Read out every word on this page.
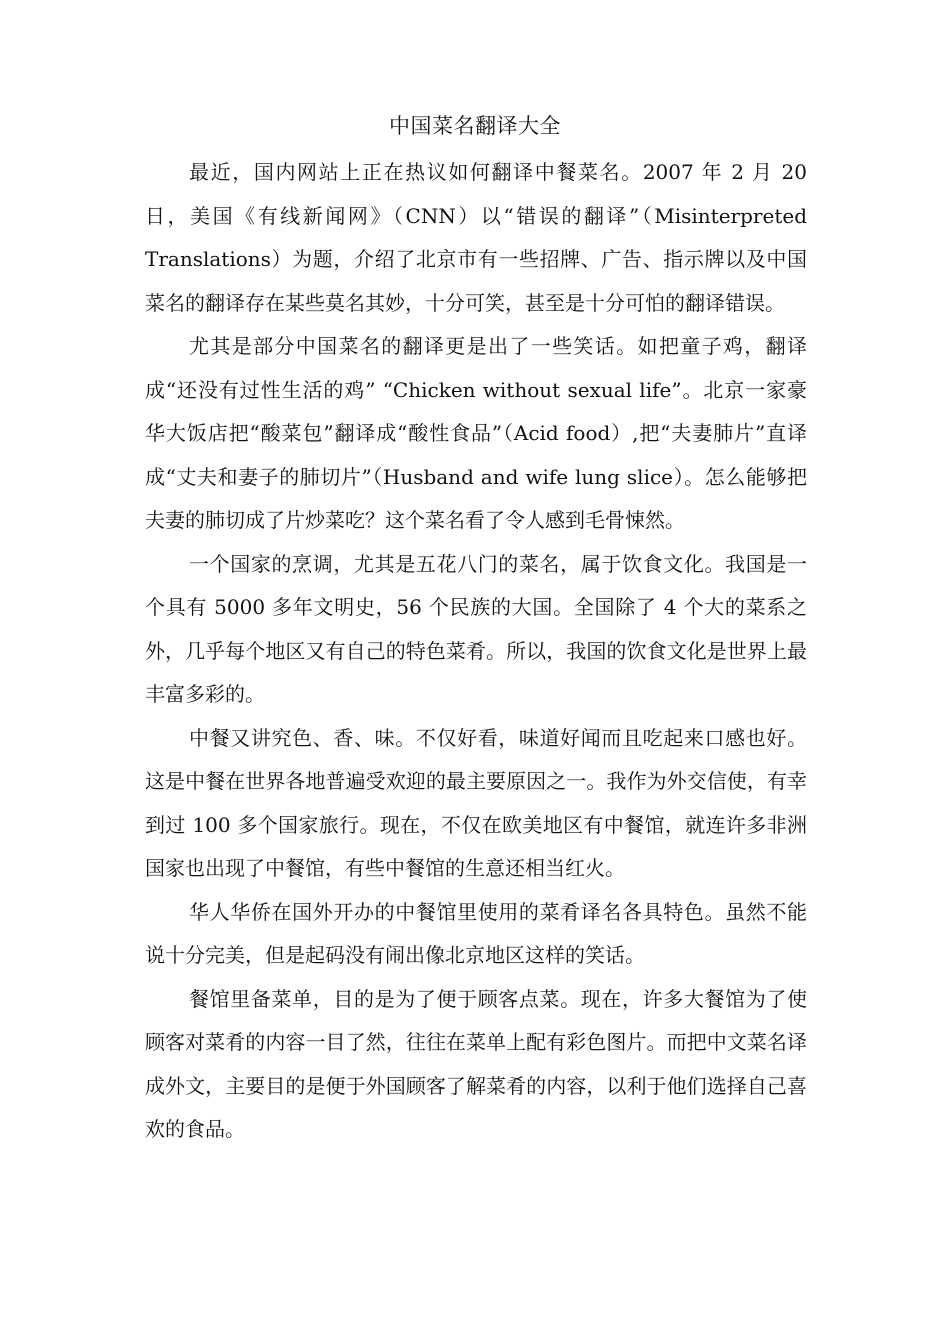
中国菜名翻译大全

最近，国内网站上正在热议如何翻译中餐菜名。2007 年 2 月 20 日，美国《有线新闻网》（CNN）以“错误的翻译”（Misinterpreted Translations）为题，介绍了北京市有一些招牌、广告、指示牌以及中国菜名的翻译存在某些莫名其妙，十分可笑，甚至是十分可怕的翻译错误。

尤其是部分中国菜名的翻译更是出了一些笑话。如把童子鸡，翻译成“还没有过性生活的鸡” “Chicken without sexual life”。北京一家豪华大饭店把“酸菜包”翻译成“酸性食品”（Acid food）,把“夫妻肺片”直译成“丈夫和妻子的肺切片”（Husband and wife lung slice）。怎么能够把夫妻的肺切成了片炒菜吃？这个菜名看了令人感到毛骨悚然。

一个国家的烹调，尤其是五花八门的菜名，属于饮食文化。我国是一个具有 5000 多年文明史，56 个民族的大国。全国除了 4 个大的菜系之外，几乎每个地区又有自己的特色菜肴。所以，我国的饮食文化是世界上最丰富多彩的。

中餐又讲究色、香、味。不仅好看，味道好闻而且吃起来口感也好。这是中餐在世界各地普遍受欢迎的最主要原因之一。我作为外交信使，有幸到过 100 多个国家旅行。现在，不仅在欧美地区有中餐馆，就连许多非洲国家也出现了中餐馆，有些中餐馆的生意还相当红火。

华人华侨在国外开办的中餐馆里使用的菜肴译名各具特色。虽然不能说十分完美，但是起码没有闹出像北京地区这样的笑话。

餐馆里备菜单，目的是为了便于顾客点菜。现在，许多大餐馆为了使顾客对菜肴的内容一目了然，往往在菜单上配有彩色图片。而把中文菜名译成外文，主要目的是便于外国顾客了解菜肴的内容，以利于他们选择自己喜欢的食品。
